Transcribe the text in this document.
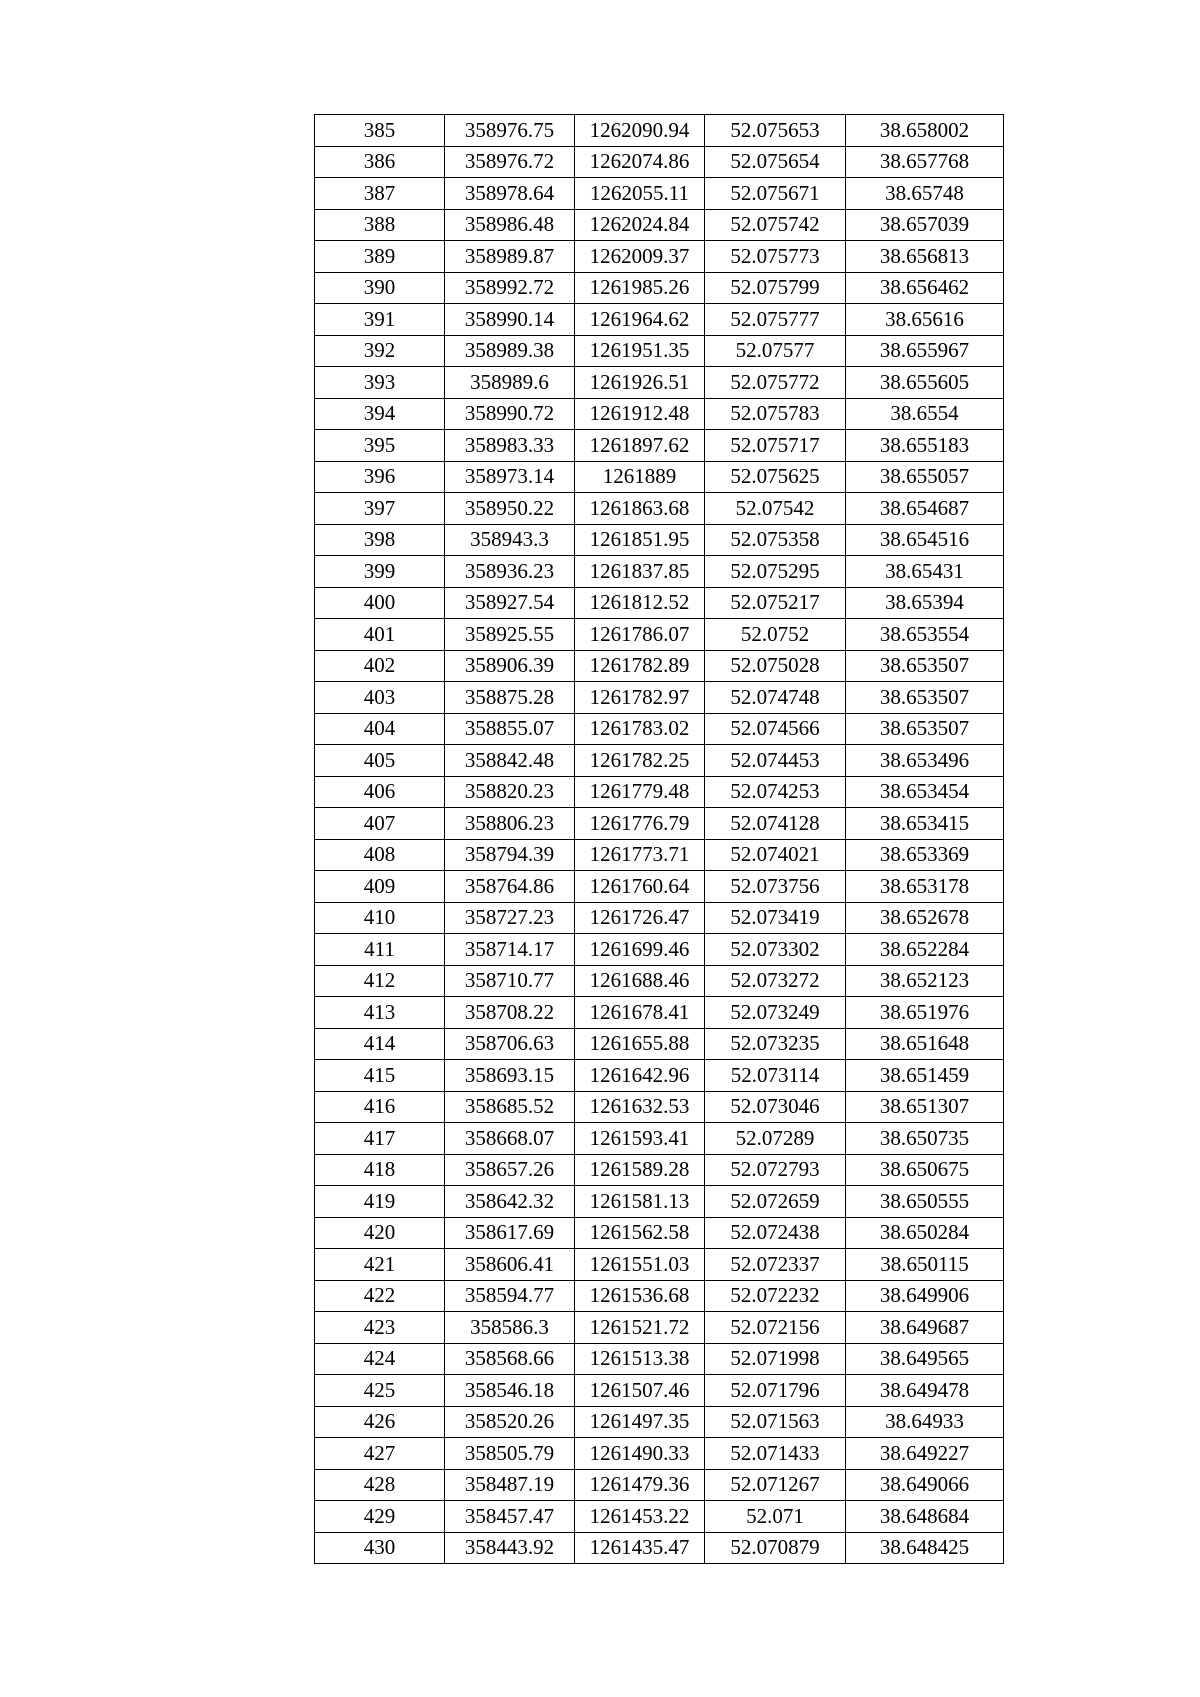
385	358976.75	1262090.94	52.075653	38.658002
386	358976.72	1262074.86	52.075654	38.657768
387	358978.64	1262055.11	52.075671	38.65748
388	358986.48	1262024.84	52.075742	38.657039
389	358989.87	1262009.37	52.075773	38.656813
390	358992.72	1261985.26	52.075799	38.656462
391	358990.14	1261964.62	52.075777	38.65616
392	358989.38	1261951.35	52.07577	38.655967
393	358989.6	1261926.51	52.075772	38.655605
394	358990.72	1261912.48	52.075783	38.6554
395	358983.33	1261897.62	52.075717	38.655183
396	358973.14	1261889	52.075625	38.655057
397	358950.22	1261863.68	52.07542	38.654687
398	358943.3	1261851.95	52.075358	38.654516
399	358936.23	1261837.85	52.075295	38.65431
400	358927.54	1261812.52	52.075217	38.65394
401	358925.55	1261786.07	52.0752	38.653554
402	358906.39	1261782.89	52.075028	38.653507
403	358875.28	1261782.97	52.074748	38.653507
404	358855.07	1261783.02	52.074566	38.653507
405	358842.48	1261782.25	52.074453	38.653496
406	358820.23	1261779.48	52.074253	38.653454
407	358806.23	1261776.79	52.074128	38.653415
408	358794.39	1261773.71	52.074021	38.653369
409	358764.86	1261760.64	52.073756	38.653178
410	358727.23	1261726.47	52.073419	38.652678
411	358714.17	1261699.46	52.073302	38.652284
412	358710.77	1261688.46	52.073272	38.652123
413	358708.22	1261678.41	52.073249	38.651976
414	358706.63	1261655.88	52.073235	38.651648
415	358693.15	1261642.96	52.073114	38.651459
416	358685.52	1261632.53	52.073046	38.651307
417	358668.07	1261593.41	52.07289	38.650735
418	358657.26	1261589.28	52.072793	38.650675
419	358642.32	1261581.13	52.072659	38.650555
420	358617.69	1261562.58	52.072438	38.650284
421	358606.41	1261551.03	52.072337	38.650115
422	358594.77	1261536.68	52.072232	38.649906
423	358586.3	1261521.72	52.072156	38.649687
424	358568.66	1261513.38	52.071998	38.649565
425	358546.18	1261507.46	52.071796	38.649478
426	358520.26	1261497.35	52.071563	38.64933
427	358505.79	1261490.33	52.071433	38.649227
428	358487.19	1261479.36	52.071267	38.649066
429	358457.47	1261453.22	52.071	38.648684
430	358443.92	1261435.47	52.070879	38.648425
